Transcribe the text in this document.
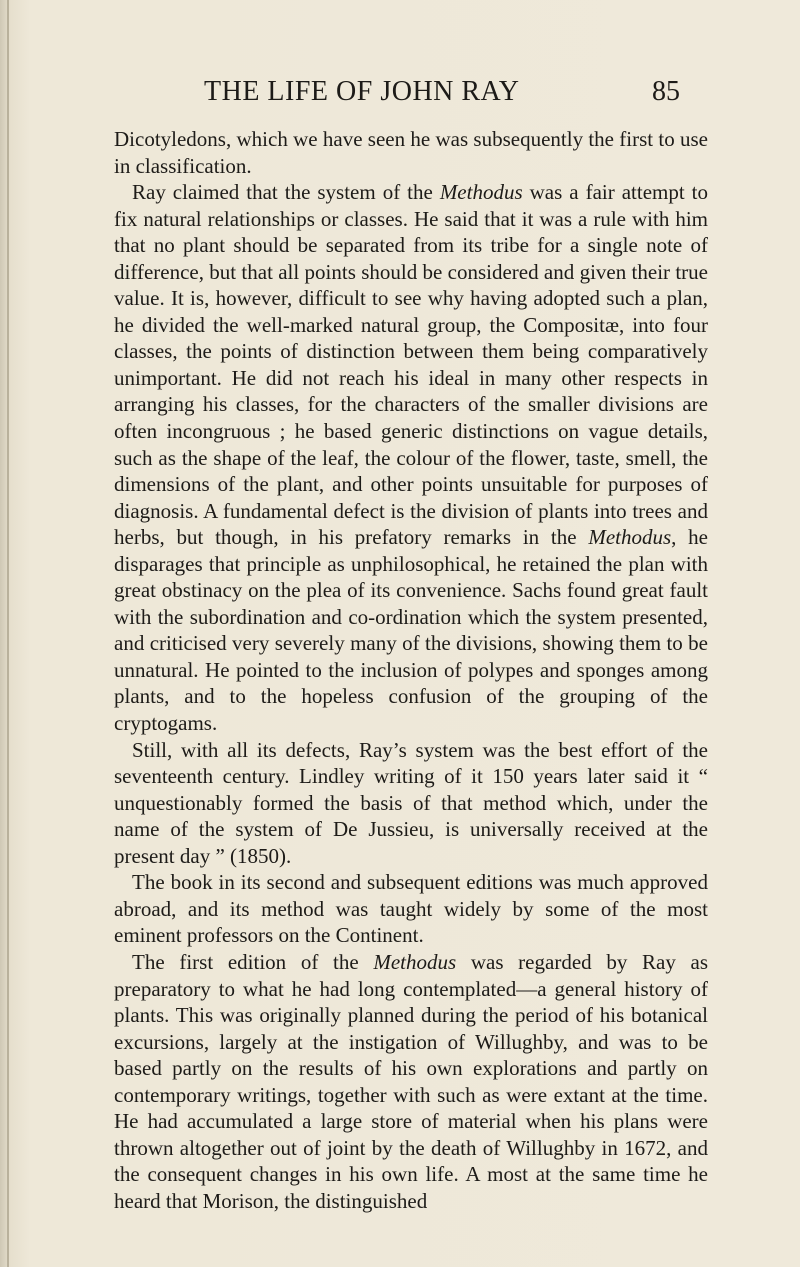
THE LIFE OF JOHN RAY	85

Dicotyledons, which we have seen he was subsequently the first to use in classification.

Ray claimed that the system of the Methodus was a fair attempt to fix natural relationships or classes. He said that it was a rule with him that no plant should be separated from its tribe for a single note of difference, but that all points should be considered and given their true value. It is, however, difficult to see why having adopted such a plan, he divided the well-marked natural group, the Compositæ, into four classes, the points of distinction between them being comparatively unimportant. He did not reach his ideal in many other respects in arranging his classes, for the characters of the smaller divisions are often incongruous ; he based generic distinctions on vague details, such as the shape of the leaf, the colour of the flower, taste, smell, the dimensions of the plant, and other points unsuitable for purposes of diagnosis. A fundamental defect is the division of plants into trees and herbs, but though, in his prefatory remarks in the Methodus, he disparages that principle as unphilosophical, he retained the plan with great obstinacy on the plea of its convenience. Sachs found great fault with the subordination and co-ordination which the system presented, and criticised very severely many of the divisions, showing them to be unnatural. He pointed to the inclusion of polypes and sponges among plants, and to the hopeless confusion of the grouping of the cryptogams.

Still, with all its defects, Ray’s system was the best effort of the seventeenth century. Lindley writing of it 150 years later said it “ unquestionably formed the basis of that method which, under the name of the system of De Jussieu, is universally received at the present day ” (1850).

The book in its second and subsequent editions was much approved abroad, and its method was taught widely by some of the most eminent professors on the Continent.

The first edition of the Methodus was regarded by Ray as preparatory to what he had long contemplated—a general history of plants. This was originally planned during the period of his botanical excursions, largely at the instigation of Willughby, and was to be based partly on the results of his own explorations and partly on contemporary writings, together with such as were extant at the time. He had accumulated a large store of material when his plans were thrown altogether out of joint by the death of Willughby in 1672, and the consequent changes in his own life. A most at the same time he heard that Morison, the distinguished
